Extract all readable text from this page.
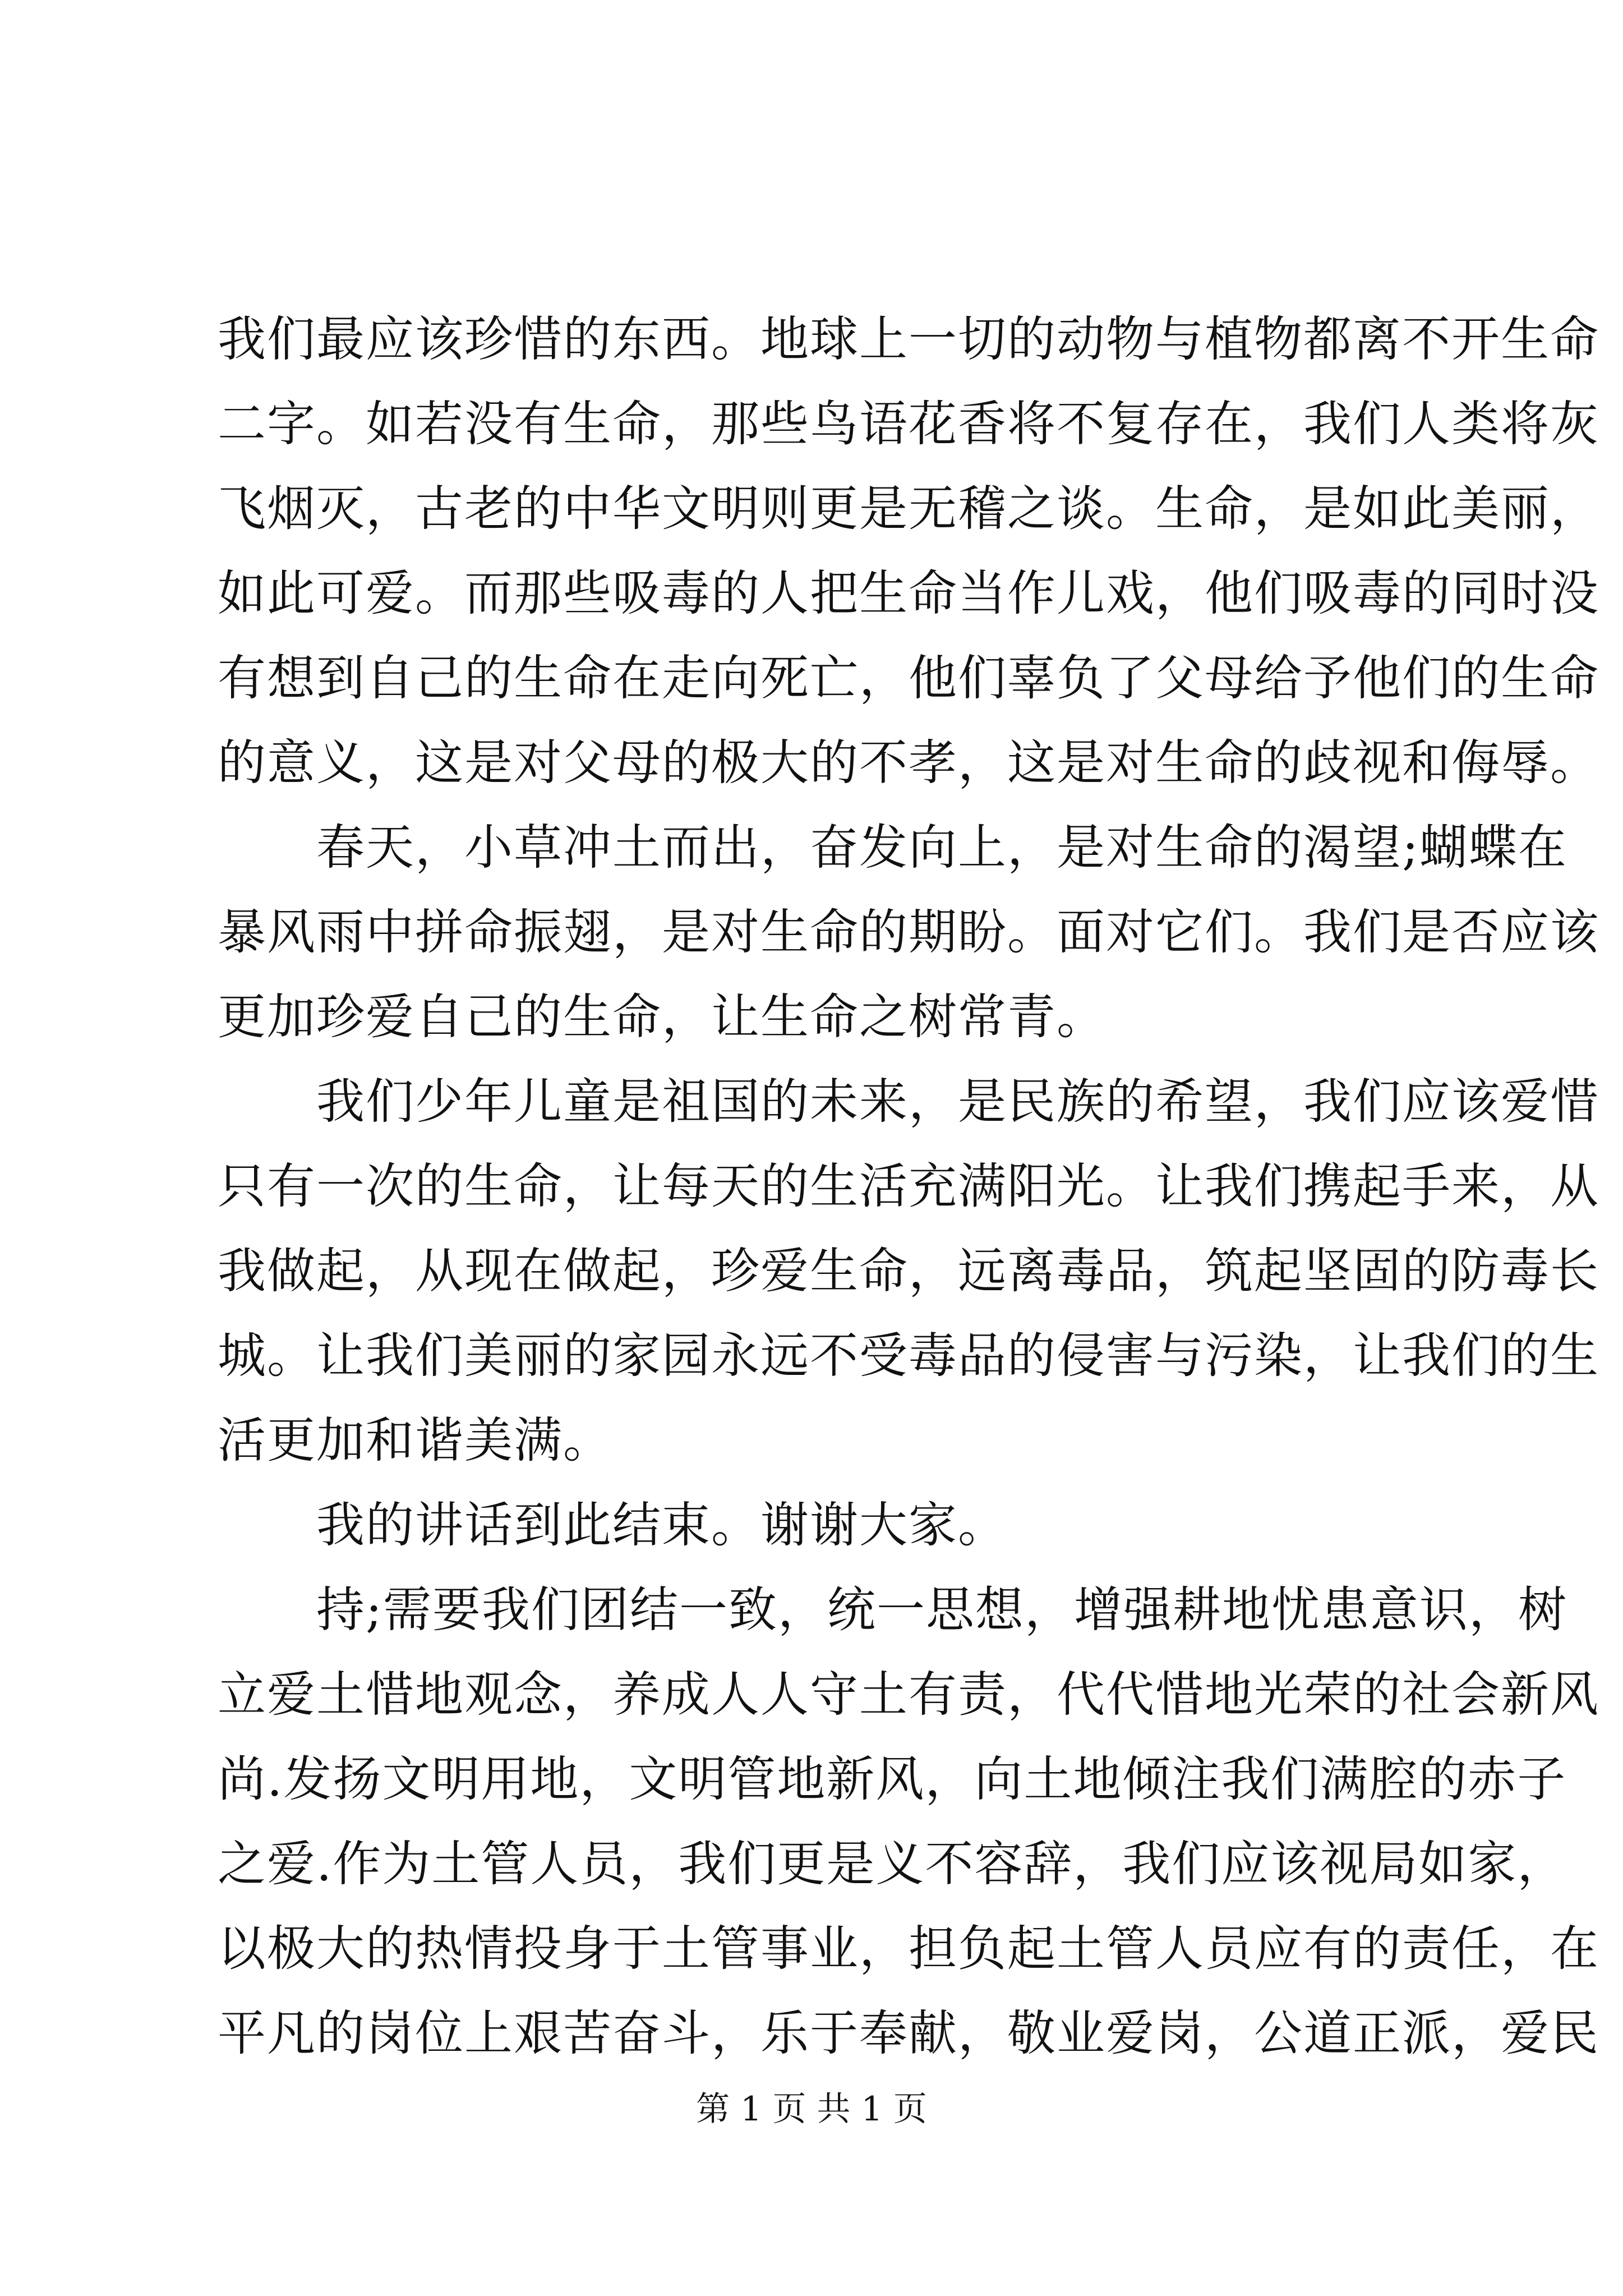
我们最应该珍惜的东西。地球上一切的动物与植物都离不开生命
二字。如若没有生命，那些鸟语花香将不复存在，我们人类将灰
飞烟灭，古老的中华文明则更是无稽之谈。生命，是如此美丽，
如此可爱。而那些吸毒的人把生命当作儿戏，他们吸毒的同时没
有想到自己的生命在走向死亡，他们辜负了父母给予他们的生命
的意义，这是对父母的极大的不孝，这是对生命的歧视和侮辱。
　　春天，小草冲土而出，奋发向上，是对生命的渴望;蝴蝶在
暴风雨中拼命振翅，是对生命的期盼。面对它们。我们是否应该
更加珍爱自己的生命，让生命之树常青。
　　我们少年儿童是祖国的未来，是民族的希望，我们应该爱惜
只有一次的生命，让每天的生活充满阳光。让我们携起手来，从
我做起，从现在做起，珍爱生命，远离毒品，筑起坚固的防毒长
城。让我们美丽的家园永远不受毒品的侵害与污染，让我们的生
活更加和谐美满。
　　我的讲话到此结束。谢谢大家。
　　持;需要我们团结一致，统一思想，增强耕地忧患意识，树
立爱土惜地观念，养成人人守土有责，代代惜地光荣的社会新风
尚.发扬文明用地，文明管地新风，向土地倾注我们满腔的赤子
之爱.作为土管人员，我们更是义不容辞，我们应该视局如家，
以极大的热情投身于土管事业，担负起土管人员应有的责任，在
平凡的岗位上艰苦奋斗，乐于奉献，敬业爱岗，公道正派，爱民
第 1 页 共 1 页
